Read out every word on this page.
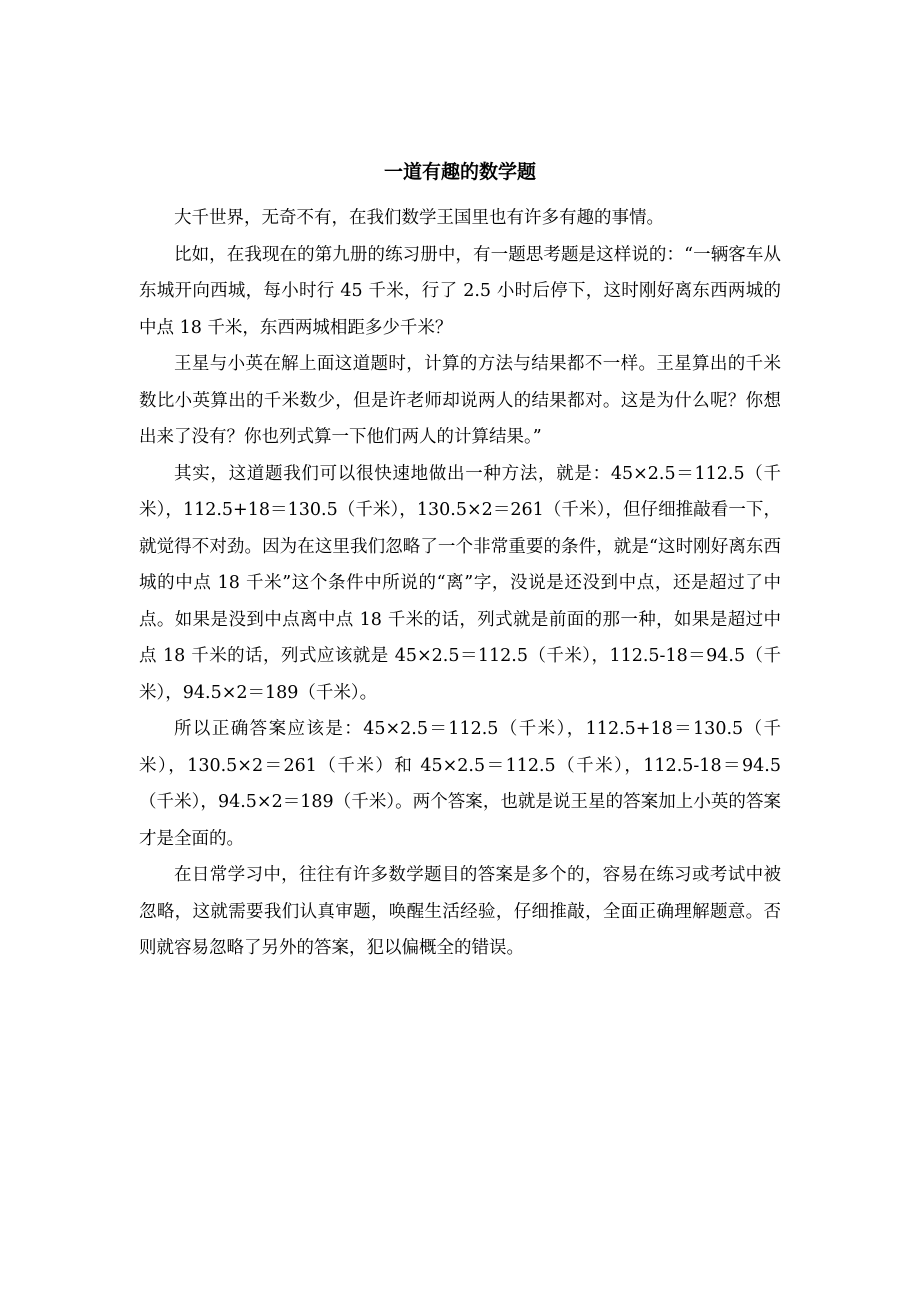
一道有趣的数学题

大千世界，无奇不有，在我们数学王国里也有许多有趣的事情。

比如，在我现在的第九册的练习册中，有一题思考题是这样说的：“一辆客车从东城开向西城，每小时行 45 千米，行了 2.5 小时后停下，这时刚好离东西两城的中点 18 千米，东西两城相距多少千米？

王星与小英在解上面这道题时，计算的方法与结果都不一样。王星算出的千米数比小英算出的千米数少，但是许老师却说两人的结果都对。这是为什么呢？你想出来了没有？你也列式算一下他们两人的计算结果。”

其实，这道题我们可以很快速地做出一种方法，就是：45×2.5＝112.5（千米），112.5+18＝130.5（千米），130.5×2＝261（千米），但仔细推敲看一下，就觉得不对劲。因为在这里我们忽略了一个非常重要的条件，就是“这时刚好离东西城的中点 18 千米”这个条件中所说的“离”字，没说是还没到中点，还是超过了中点。如果是没到中点离中点 18 千米的话，列式就是前面的那一种，如果是超过中点 18 千米的话，列式应该就是 45×2.5＝112.5（千米），112.5-18＝94.5（千米），94.5×2＝189（千米）。

所以正确答案应该是：45×2.5＝112.5（千米），112.5+18＝130.5（千米），130.5×2＝261（千米）和 45×2.5＝112.5（千米），112.5-18＝94.5（千米），94.5×2＝189（千米）。两个答案，也就是说王星的答案加上小英的答案才是全面的。

在日常学习中，往往有许多数学题目的答案是多个的，容易在练习或考试中被忽略，这就需要我们认真审题，唤醒生活经验，仔细推敲，全面正确理解题意。否则就容易忽略了另外的答案，犯以偏概全的错误。
